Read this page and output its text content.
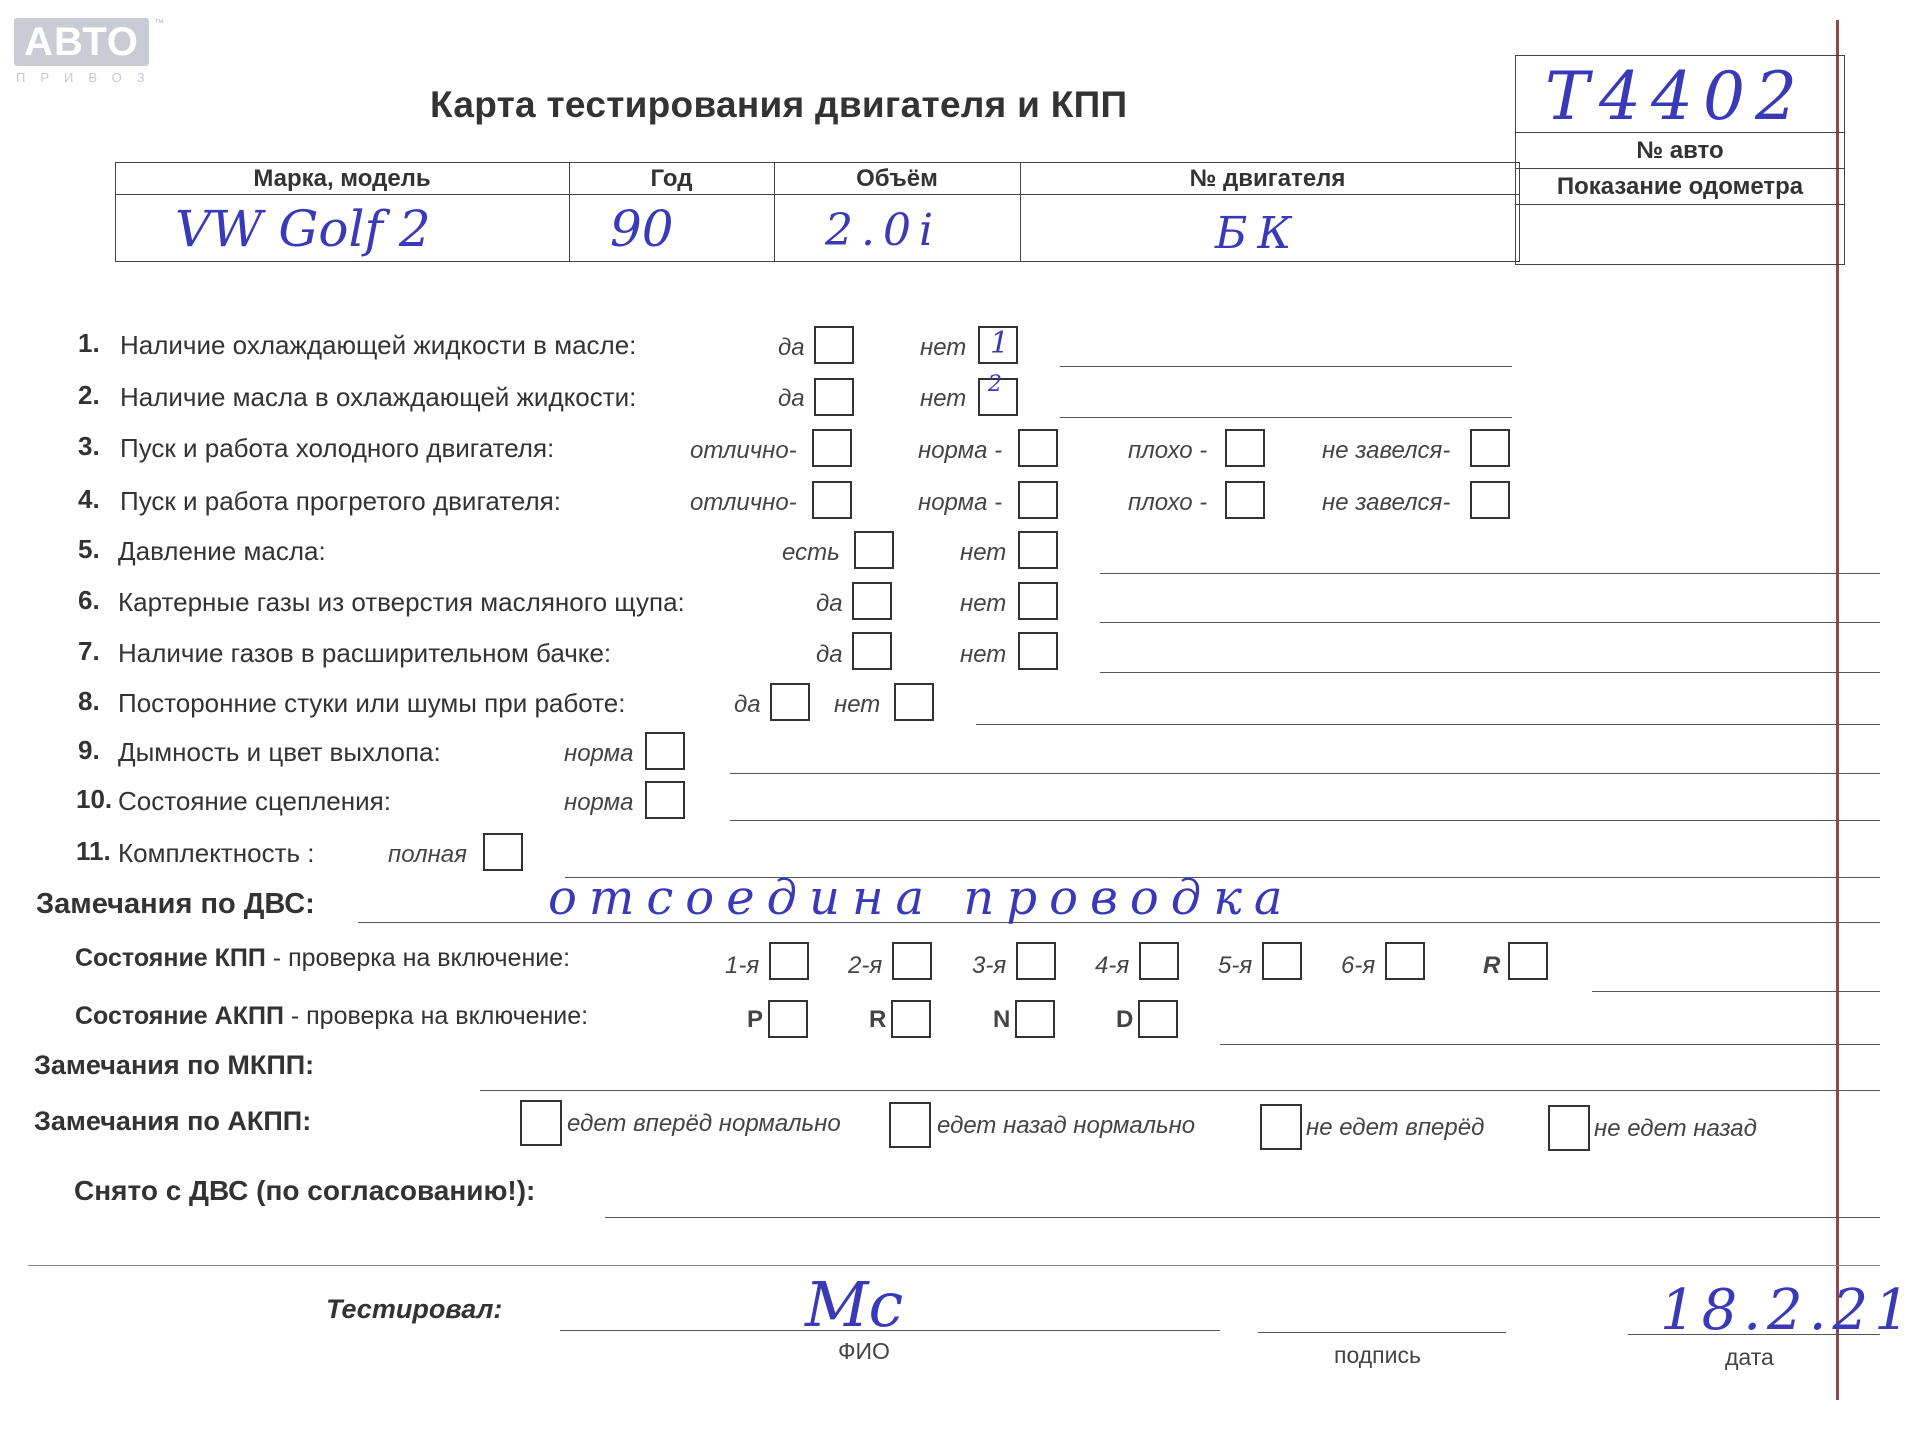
АВТО	™
ПРИВОЗ
Карта тестирования двигателя и КПП	Т4402
№ авто
Показание одометра
Марка, модель	Год	Объём	№ двигателя
VW Golf 2	90	2.0i	БК
1. Наличие охлаждающей жидкости в масле:	да	нет 1
2. Наличие масла в охлаждающей жидкости:	да	нет
2
3. Пуск и работа холодного двигателя:	отлично-	норма -	плохо -	не завелся-
4. Пуск и работа прогретого двигателя:	отлично-	норма -	плохо -	не завелся-
5. Давление масла:	есть	нет
6. Картерные газы из отверстия масляного щупа:	да	нет
7. Наличие газов в расширительном бачке:	да	нет
8. Посторонние стуки или шумы при работе:	да	нет
9. Дымность и цвет выхлопа:	норма
10. Состояние сцепления:	норма
11. Комплектность :	полная
Замечания по ДВС:	отсоедина проводка
Состояние КПП - проверка на включение:	1-я	2-я	3-я	4-я	5-я	6-я	R
Состояние АКПП - проверка на включение:	P	R	N	D
Замечания по МКПП:
Замечания по АКПП:	едет вперёд нормально	едет назад нормально	не едет вперёд	не едет назад
Снято с ДВС (по согласованию!):
Тестировал:	Мс
ФИО	подпись
18.2.21
дата
